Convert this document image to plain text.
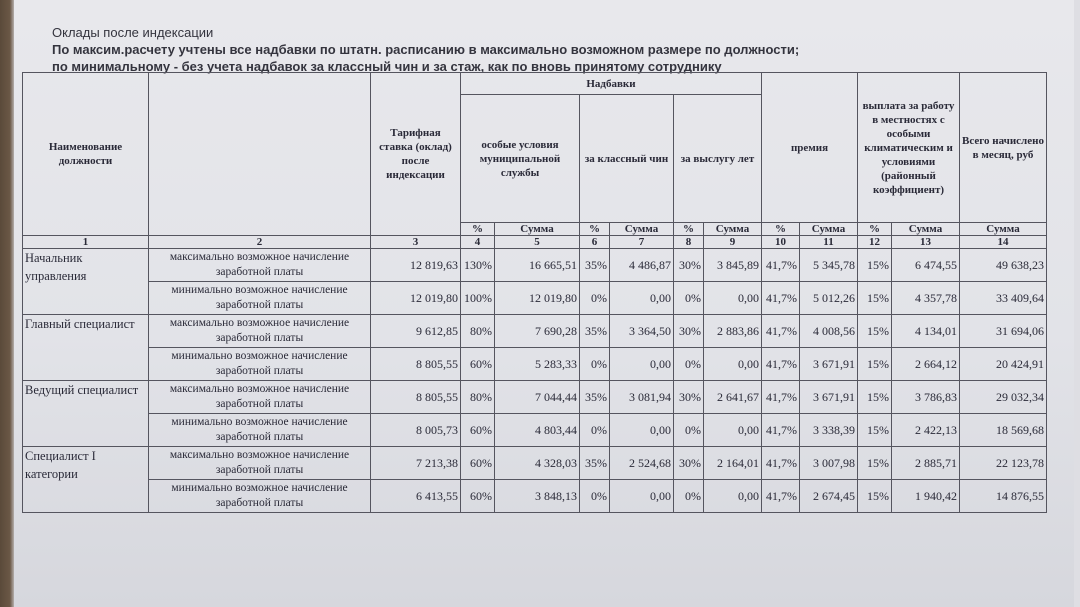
Оклады после индексации
По максим.расчету учтены все надбавки по штатн. расписанию в максимально возможном размере по должности;
по минимальному - без учета надбавок за классный чин и за стаж, как по вновь принятому сотруднику
Наименование должности		Тарифная ставка (оклад) после индексации	Надбавки						премия		выплата за работу в местностях с особыми климатическим и условиями (районный коэффициент)		Всего начислено в месяц, руб
			особые условия муниципальной службы		за классный чин		за выслугу лет						
			%	Сумма	%	Сумма	%	Сумма	%	Сумма	%	Сумма	Сумма
1	2	3	4	5	6	7	8	9	10	11	12	13	14
Начальник управления	максимально возможное начисление заработной платы	12 819,63	130%	16 665,51	35%	4 486,87	30%	3 845,89	41,7%	5 345,78	15%	6 474,55	49 638,23
	минимально возможное начисление заработной платы	12 019,80	100%	12 019,80	0%	0,00	0%	0,00	41,7%	5 012,26	15%	4 357,78	33 409,64
Главный специалист	максимально возможное начисление заработной платы	9 612,85	80%	7 690,28	35%	3 364,50	30%	2 883,86	41,7%	4 008,56	15%	4 134,01	31 694,06
	минимально возможное начисление заработной платы	8 805,55	60%	5 283,33	0%	0,00	0%	0,00	41,7%	3 671,91	15%	2 664,12	20 424,91
Ведущий специалист	максимально возможное начисление заработной платы	8 805,55	80%	7 044,44	35%	3 081,94	30%	2 641,67	41,7%	3 671,91	15%	3 786,83	29 032,34
	минимально возможное начисление заработной платы	8 005,73	60%	4 803,44	0%	0,00	0%	0,00	41,7%	3 338,39	15%	2 422,13	18 569,68
Специалист I категории	максимально возможное начисление заработной платы	7 213,38	60%	4 328,03	35%	2 524,68	30%	2 164,01	41,7%	3 007,98	15%	2 885,71	22 123,78
	минимально возможное начисление заработной платы	6 413,55	60%	3 848,13	0%	0,00	0%	0,00	41,7%	2 674,45	15%	1 940,42	14 876,55
